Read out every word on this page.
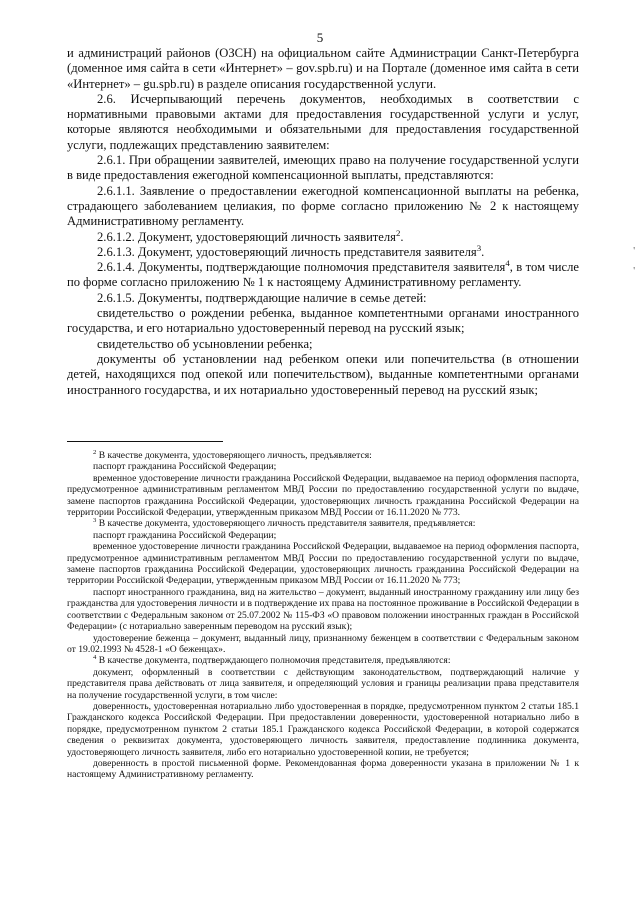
5

и администраций районов (ОЗСН) на официальном сайте Администрации Санкт-Петербурга (доменное имя сайта в сети «Интернет» – gov.spb.ru) и на Портале (доменное имя сайта в сети «Интернет» – gu.spb.ru) в разделе описания государственной услуги.

2.6. Исчерпывающий перечень документов, необходимых в соответствии с нормативными правовыми актами для предоставления государственной услуги и услуг, которые являются необходимыми и обязательными для предоставления государственной услуги, подлежащих представлению заявителем:

2.6.1. При обращении заявителей, имеющих право на получение государственной услуги в виде предоставления ежегодной компенсационной выплаты, представляются:

2.6.1.1. Заявление о предоставлении ежегодной компенсационной выплаты на ребенка, страдающего заболеванием целиакия, по форме согласно приложению № 2 к настоящему Административному регламенту.

2.6.1.2. Документ, удостоверяющий личность заявителя$^2$.

2.6.1.3. Документ, удостоверяющий личность представителя заявителя$^3$.

2.6.1.4. Документы, подтверждающие полномочия представителя заявителя$^4$, в том числе по форме согласно приложению № 1 к настоящему Административному регламенту.

2.6.1.5. Документы, подтверждающие наличие в семье детей:

свидетельство о рождении ребенка, выданное компетентными органами иностранного государства, и его нотариально удостоверенный перевод на русский язык;

свидетельство об усыновлении ребенка;

документы об установлении над ребенком опеки или попечительства (в отношении детей, находящихся под опекой или попечительством), выданные компетентными органами иностранного государства, и их нотариально удостоверенный перевод на русский язык;

$^2$ В качестве документа, удостоверяющего личность, предъявляется:

паспорт гражданина Российской Федерации;

временное удостоверение личности гражданина Российской Федерации, выдаваемое на период оформления паспорта, предусмотренное административным регламентом МВД России по предоставлению государственной услуги по выдаче, замене паспортов гражданина Российской Федерации, удостоверяющих личность гражданина Российской Федерации на территории Российской Федерации, утвержденным приказом МВД России от 16.11.2020 № 773.

$^3$ В качестве документа, удостоверяющего личность представителя заявителя, предъявляется:

паспорт гражданина Российской Федерации;

временное удостоверение личности гражданина Российской Федерации, выдаваемое на период оформления паспорта, предусмотренное административным регламентом МВД России по предоставлению государственной услуги по выдаче, замене паспортов гражданина Российской Федерации, удостоверяющих личность гражданина Российской Федерации на территории Российской Федерации, утвержденным приказом МВД России от 16.11.2020 № 773;

паспорт иностранного гражданина, вид на жительство – документ, выданный иностранному гражданину или лицу без гражданства для удостоверения личности и в подтверждение их права на постоянное проживание в Российской Федерации в соответствии с Федеральным законом от 25.07.2002 № 115-ФЗ «О правовом положении иностранных граждан в Российской Федерации» (с нотариально заверенным переводом на русский язык);

удостоверение беженца – документ, выданный лицу, признанному беженцем в соответствии с Федеральным законом от 19.02.1993 № 4528-1 «О беженцах».

$^4$ В качестве документа, подтверждающего полномочия представителя, предъявляются:

документ, оформленный в соответствии с действующим законодательством, подтверждающий наличие у представителя права действовать от лица заявителя, и определяющий условия и границы реализации права представителя на получение государственной услуги, в том числе:

доверенность, удостоверенная нотариально либо удостоверенная в порядке, предусмотренном пунктом 2 статьи 185.1 Гражданского кодекса Российской Федерации. При предоставлении доверенности, удостоверенной нотариально либо в порядке, предусмотренном пунктом 2 статьи 185.1 Гражданского кодекса Российской Федерации, в которой содержатся сведения о реквизитах документа, удостоверяющего личность заявителя, предоставление подлинника документа, удостоверяющего личность заявителя, либо его нотариально удостоверенной копии, не требуется;

доверенность в простой письменной форме. Рекомендованная форма доверенности указана в приложении № 1 к настоящему Административному регламенту.

'
'
